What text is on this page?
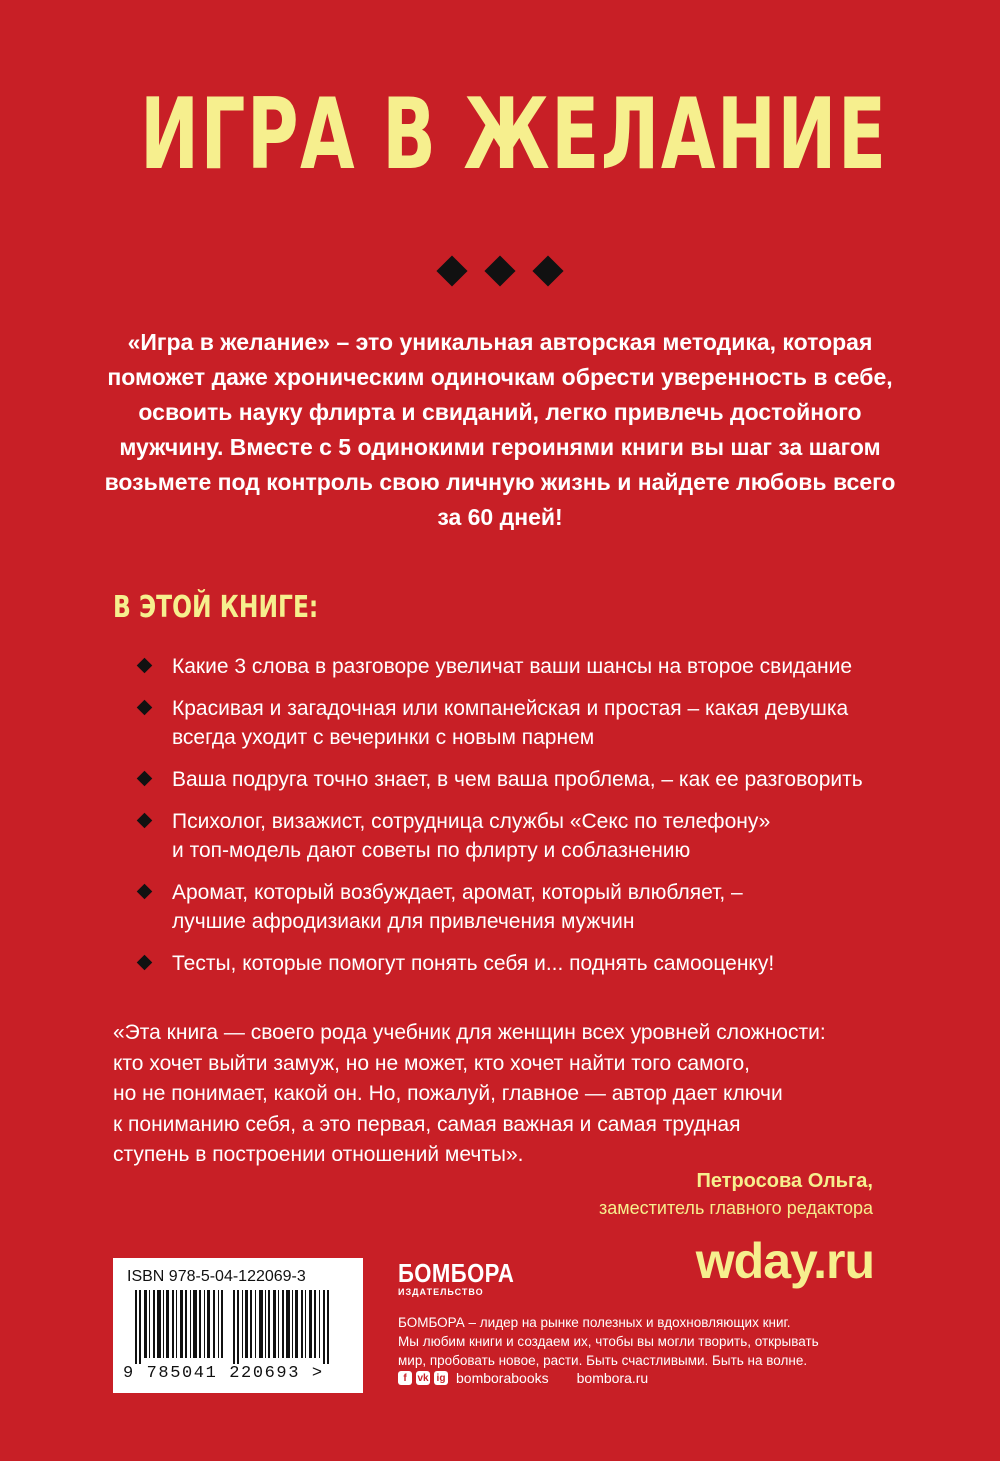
ИГРА В ЖЕЛАНИЕ
«Игра в желание» – это уникальная авторская методика, которая поможет даже хроническим одиночкам обрести уверенность в себе, освоить науку флирта и свиданий, легко привлечь достойного мужчину. Вместе с 5 одинокими героинями книги вы шаг за шагом возьмете под контроль свою личную жизнь и найдете любовь всего за 60 дней!
В ЭТОЙ КНИГЕ:
Какие 3 слова в разговоре увеличат ваши шансы на второе свидание
Красивая и загадочная или компанейская и простая – какая девушка
всегда уходит с вечеринки с новым парнем
Ваша подруга точно знает, в чем ваша проблема, – как ее разговорить
Психолог, визажист, сотрудница службы «Секс по телефону»
и топ-модель дают советы по флирту и соблазнению
Аромат, который возбуждает, аромат, который влюбляет, –
лучшие афродизиаки для привлечения мужчин
Тесты, которые помогут понять себя и... поднять самооценку!
«Эта книга — своего рода учебник для женщин всех уровней сложности:
кто хочет выйти замуж, но не может, кто хочет найти того самого,
но не понимает, какой он. Но, пожалуй, главное — автор дает ключи
к пониманию себя, а это первая, самая важная и самая трудная
ступень в построении отношений мечты».
Петросова Ольга,
заместитель главного редактора
wday.ru
ISBN 978-5-04-122069-3
9 785041 220693 >
БОМБОРА
ИЗДАТЕЛЬСТВО
БОМБОРА – лидер на рынке полезных и вдохновляющих книг.
Мы любим книги и создаем их, чтобы вы могли творить, открывать
мир, пробовать новое, расти. Быть счастливыми. Быть на волне.
f	vk ig bomborabooks bombora.ru
